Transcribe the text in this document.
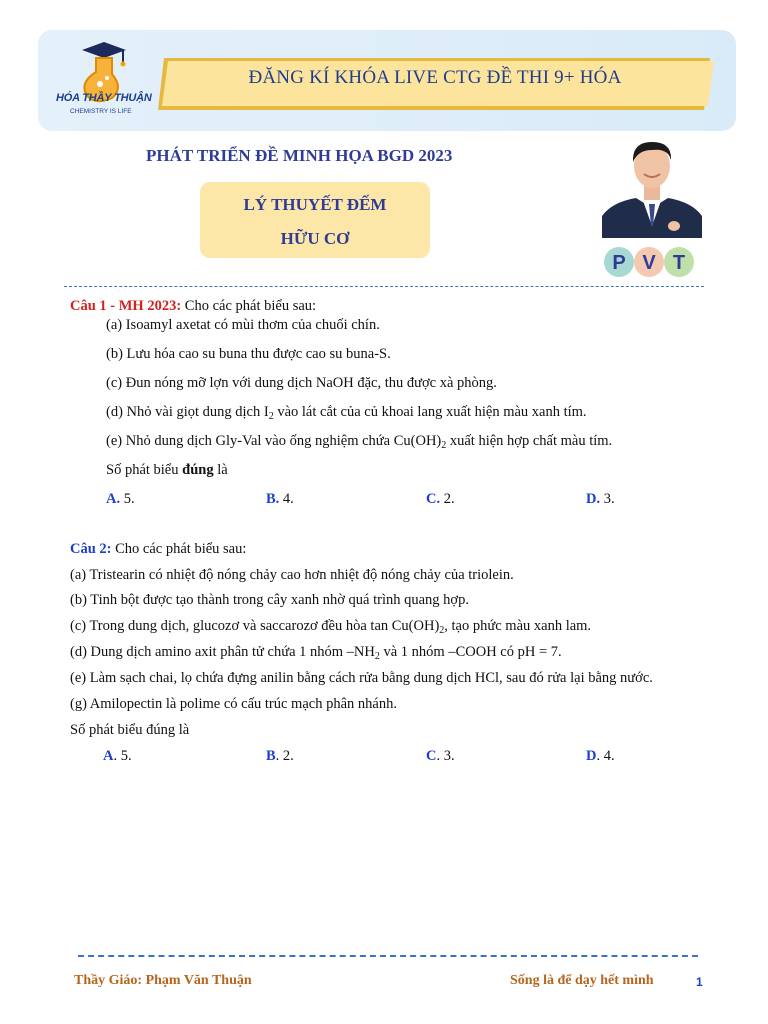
HÓA THẦY THUẬN
CHEMISTRY IS LIFE
ĐĂNG KÍ KHÓA LIVE CTG ĐỀ THI 9+ HÓA
PHÁT TRIỂN ĐỀ MINH HỌA BGD 2023
LÝ THUYẾT ĐẾM
HỮU CƠ
P V T
Câu 1 - MH 2023: Cho các phát biểu sau:
(a) Isoamyl axetat có mùi thơm của chuối chín.
(b) Lưu hóa cao su buna thu được cao su buna-S.
(c) Đun nóng mỡ lợn với dung dịch NaOH đặc, thu được xà phòng.
(d) Nhỏ vài giọt dung dịch $I_2$ vào lát cắt của củ khoai lang xuất hiện màu xanh tím.
(e) Nhỏ dung dịch Gly-Val vào ống nghiệm chứa $Cu(OH)_2$ xuất hiện hợp chất màu tím.
Số phát biểu đúng là
A. 5.	B. 4.	C. 2.	D. 3.
Câu 2: Cho các phát biểu sau:
(a) Tristearin có nhiệt độ nóng chảy cao hơn nhiệt độ nóng chảy của triolein.
(b) Tinh bột được tạo thành trong cây xanh nhờ quá trình quang hợp.
(c) Trong dung dịch, glucozơ và saccarozơ đều hòa $\tan Cu(OH)_2$, tạo phức màu xanh lam.
(d) Dung dịch amino axit phân tử chứa 1 nhóm $-NH_2$ và 1 nhóm –COOH có pH = 7.
(e) Làm sạch chai, lọ chứa đựng anilin bằng cách rửa bằng dung dịch HCl, sau đó rửa lại bằng nước.
(g) Amilopectin là polime có cấu trúc mạch phân nhánh.
Số phát biểu đúng là
A. 5.	B. 2.	C. 3.	D. 4.
Thầy Giáo: Phạm Văn Thuận	Sống là để dạy hết mình	1
